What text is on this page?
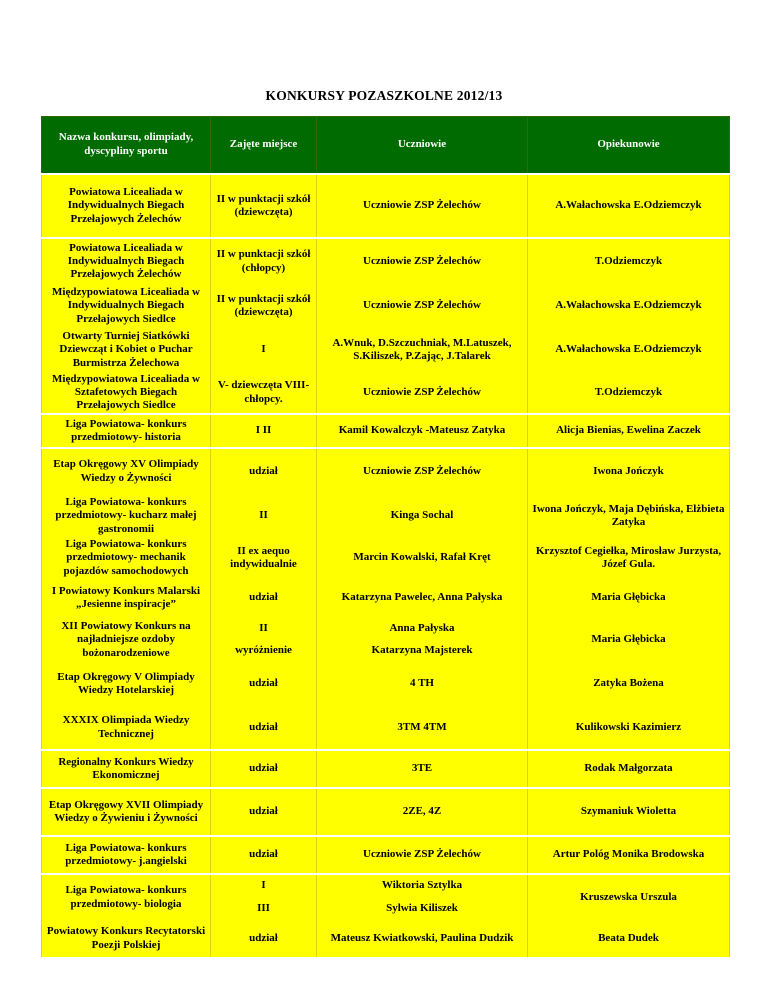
KONKURSY POZASZKOLNE 2012/13
Nazwa konkursu, olimpiady, dyscypliny sportu	Zajęte miejsce	Uczniowie	Opiekunowie
Powiatowa Licealiada w Indywidualnych Biegach Przełajowych Żelechów	II w punktacji szkół (dziewczęta)	Uczniowie ZSP Żelechów	A.Wałachowska E.Odziemczyk
Powiatowa Licealiada w Indywidualnych Biegach Przełajowych Żelechów	II w punktacji szkół (chłopcy)	Uczniowie ZSP Żelechów	T.Odziemczyk
Międzypowiatowa Licealiada w Indywidualnych Biegach Przełajowych Siedlce	II w punktacji szkół (dziewczęta)	Uczniowie ZSP Żelechów	A.Wałachowska E.Odziemczyk
Otwarty Turniej Siatkówki Dziewcząt i Kobiet o Puchar Burmistrza Żelechowa	I	A.Wnuk, D.Szczuchniak, M.Latuszek, S.Kiliszek, P.Zając, J.Talarek	A.Wałachowska E.Odziemczyk
Międzypowiatowa Licealiada w Sztafetowych Biegach Przełajowych Siedlce	V- dziewczęta VIII- chłopcy.	Uczniowie ZSP Żelechów	T.Odziemczyk
Liga Powiatowa- konkurs przedmiotowy- historia	I II	Kamil Kowalczyk -Mateusz Zatyka	Alicja Bienias, Ewelina Zaczek
Etap Okręgowy XV Olimpiady Wiedzy o Żywności	udział	Uczniowie ZSP Żelechów	Iwona Jończyk
Liga Powiatowa- konkurs przedmiotowy- kucharz małej gastronomii	II	Kinga Sochal	Iwona Jończyk, Maja Dębińska, Elżbieta Zatyka
Liga Powiatowa- konkurs przedmiotowy- mechanik pojazdów samochodowych	II ex aequo indywidualnie	Marcin Kowalski, Rafał Kręt	Krzysztof Cegiełka, Mirosław Jurzysta, Józef Gula.
I Powiatowy Konkurs Malarski „Jesienne inspiracje”	udział	Katarzyna Pawelec, Anna Pałyska	Maria Głębicka
XII Powiatowy Konkurs na najładniejsze ozdoby bożonarodzeniowe	II	Anna Pałyska	Maria Głębicka
	wyróżnienie	Katarzyna Majsterek	
Etap Okręgowy V Olimpiady Wiedzy Hotelarskiej	udział	4 TH	Zatyka Bożena
XXXIX Olimpiada Wiedzy Technicznej	udział	3TM 4TM	Kulikowski Kazimierz
Regionalny Konkurs Wiedzy Ekonomicznej	udział	3TE	Rodak Małgorzata
Etap Okręgowy XVII Olimpiady Wiedzy o Żywieniu i Żywności	udział	2ZE, 4Z	Szymaniuk Wioletta
Liga Powiatowa- konkurs przedmiotowy- j.angielski	udział	Uczniowie ZSP Żelechów	Artur Pológ Monika Brodowska
Liga Powiatowa- konkurs przedmiotowy- biologia	I	Wiktoria Sztylka	Kruszewska Urszula
	III	Sylwia Kiliszek	
Powiatowy Konkurs Recytatorski Poezji Polskiej	udział	Mateusz Kwiatkowski, Paulina Dudzik	Beata Dudek
